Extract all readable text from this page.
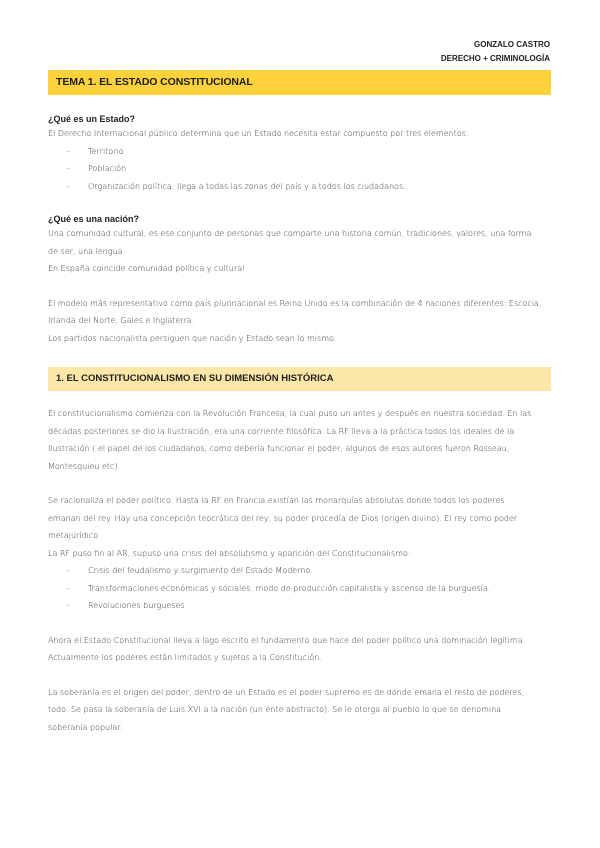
GONZALO CASTRO
DERECHO + CRIMINOLOGÍA
TEMA 1. EL ESTADO CONSTITUCIONAL
¿Qué es un Estado?

El Derecho Internacional público determina que un Estado necesita estar compuesto por tres elementos:

- Territorio
- Población
- Organización política: llega a todas las zonas del país y a todos los ciudadanos.
¿Qué es una nación?

Una comunidad cultural, es ese conjunto de personas que comparte una historia común, tradiciones, valores, una forma

de ser, una lengua.

En España coincide comunidad política y cultural

El modelo más representativo como país plurinacional es Reino Unido es la combinación de 4 naciones diferentes: Escocia,

Irlanda del Norte, Gales e Inglaterra.

Los partidos nacionalista persiguen que nación y Estado sean lo mismo.

1. EL CONSTITUCIONALISMO EN SU DIMENSIÓN HISTÓRICA

El constitucionalismo comienza con la Revolución Francesa, la cual puso un antes y después en nuestra sociedad. En las

décadas posteriores se dio la Ilustración, era una corriente filosófica. La RF lleva a la práctica todos los ideales de la

Ilustración ( el papel de los ciudadanos, como debería funcionar el poder, algunos de esos autores fueron Rosseau,

Montesquieu etc).

Se racionaliza el poder político. Hasta la RF en Francia existían las monarquías absolutas donde todos los poderes

emanan del rey. Hay una concepción teocrática del rey, su poder procedía de Dios (origen divino). El rey como poder

metajurídico

La RF puso fin al AR, supuso una crisis del absolutismo y aparición del Constitucionalismo:

- Crisis del feudalismo y surgimiento del Estado Moderno.
- Transformaciones económicas y sociales: modo de producción capitalista y ascenso de la burguesía.
- Revoluciones burgueses

Ahora el Estado Constitucional lleva a lago escrito el fundamento que hace del poder político una dominación legítima.

Actualmente los poderes están limitados y sujetos a la Constitución.

La soberanía es el origen del poder, dentro de un Estado es el poder supremo es de donde emana el resto de poderes,

todo. Se pasa la soberanía de Luis XVI a la nación (un ente abstracto). Se le otorga al pueblo lo que se denomina

soberanía popular.
